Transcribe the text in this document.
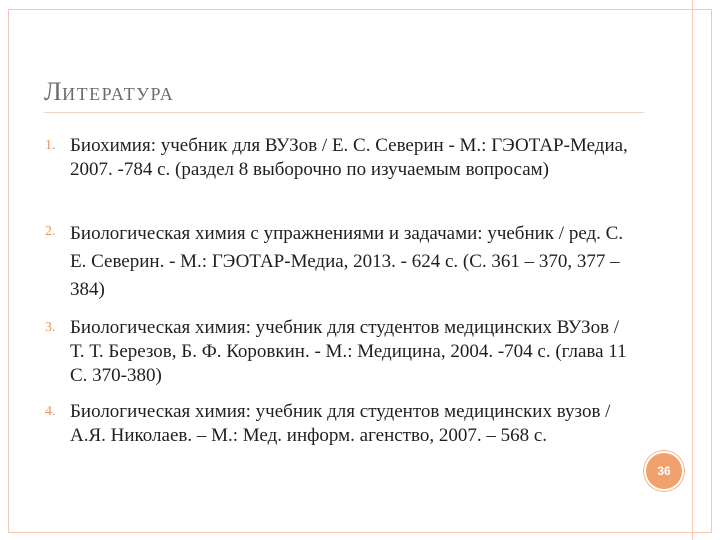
ЛИТЕРАТУРА
1. Биохимия: учебник для ВУЗов / Е. С. Северин - М.: ГЭОТАР-Медиа, 2007. -784 с. (раздел 8 выборочно по изучаемым вопросам)

2. Биологическая химия с упражнениями и задачами: учебник / ред. С. Е. Северин. - М.: ГЭОТАР-Медиа, 2013. - 624 с. (С. 361 – 370, 377 – 384)

3. Биологическая химия: учебник для студентов медицинских ВУЗов / Т. Т. Березов, Б. Ф. Коровкин. - М.: Медицина, 2004. -704 с. (глава 11 С. 370-380)

4. Биологическая химия: учебник для студентов медицинских вузов / А.Я. Николаев. – М.: Мед. информ. агенство, 2007. – 568 с.

36
